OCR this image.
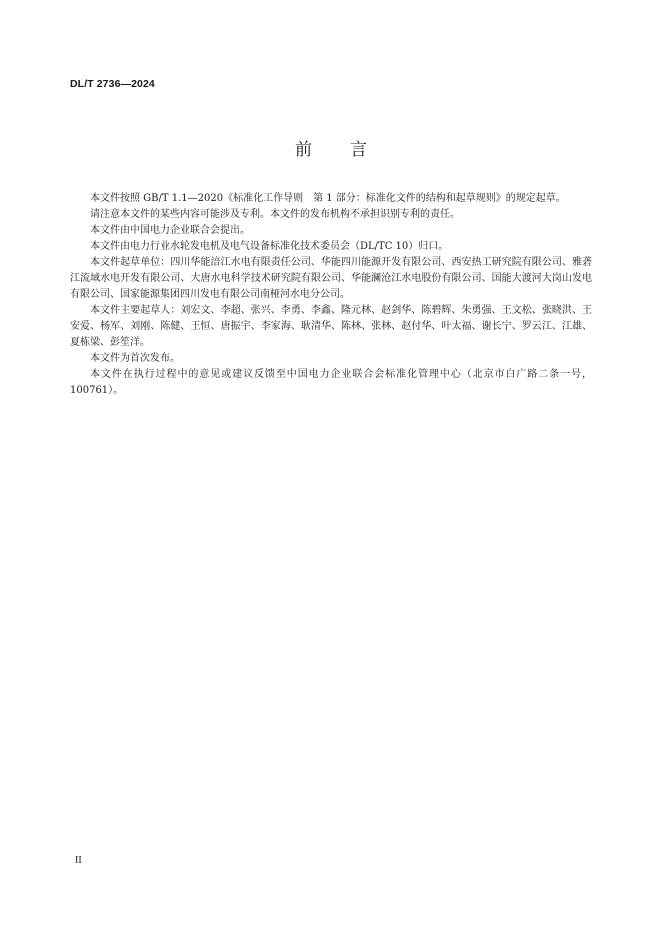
DL/T 2736—2024
前言

本文件按照 GB/T 1.1—2020《标准化工作导则　第 1 部分：标准化文件的结构和起草规则》的规定起草。

请注意本文件的某些内容可能涉及专利。本文件的发布机构不承担识别专利的责任。

本文件由中国电力企业联合会提出。

本文件由电力行业水轮发电机及电气设备标准化技术委员会（DL/TC 10）归口。

本文件起草单位：四川华能涪江水电有限责任公司、华能四川能源开发有限公司、西安热工研究院有限公司、雅砻江流域水电开发有限公司、大唐水电科学技术研究院有限公司、华能澜沧江水电股份有限公司、国能大渡河大岗山发电有限公司、国家能源集团四川发电有限公司南桠河水电分公司。

本文件主要起草人：刘宏文、李超、张兴、李勇、李鑫、隆元林、赵剑华、陈碧辉、朱勇强、王文松、张晓洪、王安爱、杨军、刘刚、陈健、王恒、唐振宇、李家海、耿清华、陈林、张林、赵付华、叶太福、谢长宁、罗云江、江雄、夏栋梁、彭笙洋。

本文件为首次发布。

本文件在执行过程中的意见或建议反馈至中国电力企业联合会标准化管理中心（北京市白广路二条一号，100761）。

II
